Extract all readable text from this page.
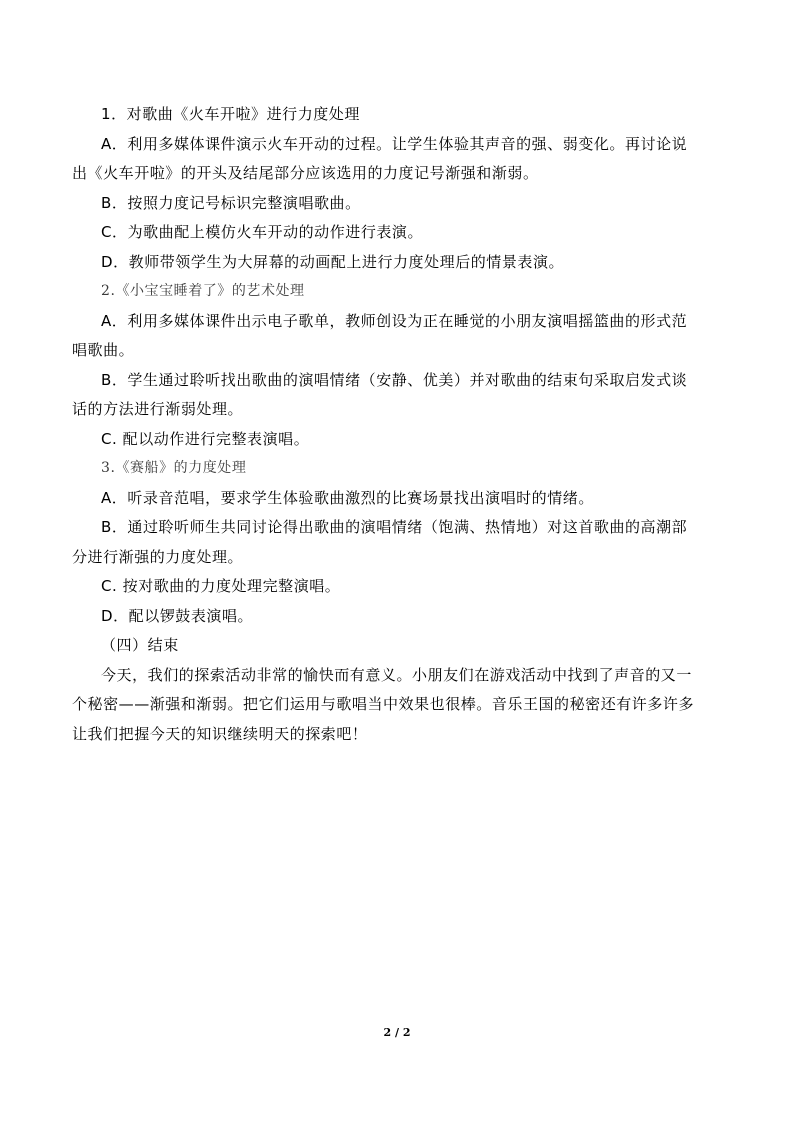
1．对歌曲《火车开啦》进行力度处理
A．利用多媒体课件演示火车开动的过程。让学生体验其声音的强、弱变化。再讨论说
出《火车开啦》的开头及结尾部分应该选用的力度记号渐强和渐弱。
B．按照力度记号标识完整演唱歌曲。
C．为歌曲配上模仿火车开动的动作进行表演。
D．教师带领学生为大屏幕的动画配上进行力度处理后的情景表演。
2.《小宝宝睡着了》的艺术处理
A．利用多媒体课件出示电子歌单，教师创设为正在睡觉的小朋友演唱摇篮曲的形式范
唱歌曲。
B．学生通过聆听找出歌曲的演唱情绪（安静、优美）并对歌曲的结束句采取启发式谈
话的方法进行渐弱处理。
C. 配以动作进行完整表演唱。
3.《赛船》的力度处理
A．听录音范唱，要求学生体验歌曲激烈的比赛场景找出演唱时的情绪。
B．通过聆听师生共同讨论得出歌曲的演唱情绪（饱满、热情地）对这首歌曲的高潮部
分进行渐强的力度处理。
C. 按对歌曲的力度处理完整演唱。
D．配以锣鼓表演唱。
（四）结束
今天，我们的探索活动非常的愉快而有意义。小朋友们在游戏活动中找到了声音的又一
个秘密——渐强和渐弱。把它们运用与歌唱当中效果也很棒。音乐王国的秘密还有许多许多
让我们把握今天的知识继续明天的探索吧！
2 / 2
